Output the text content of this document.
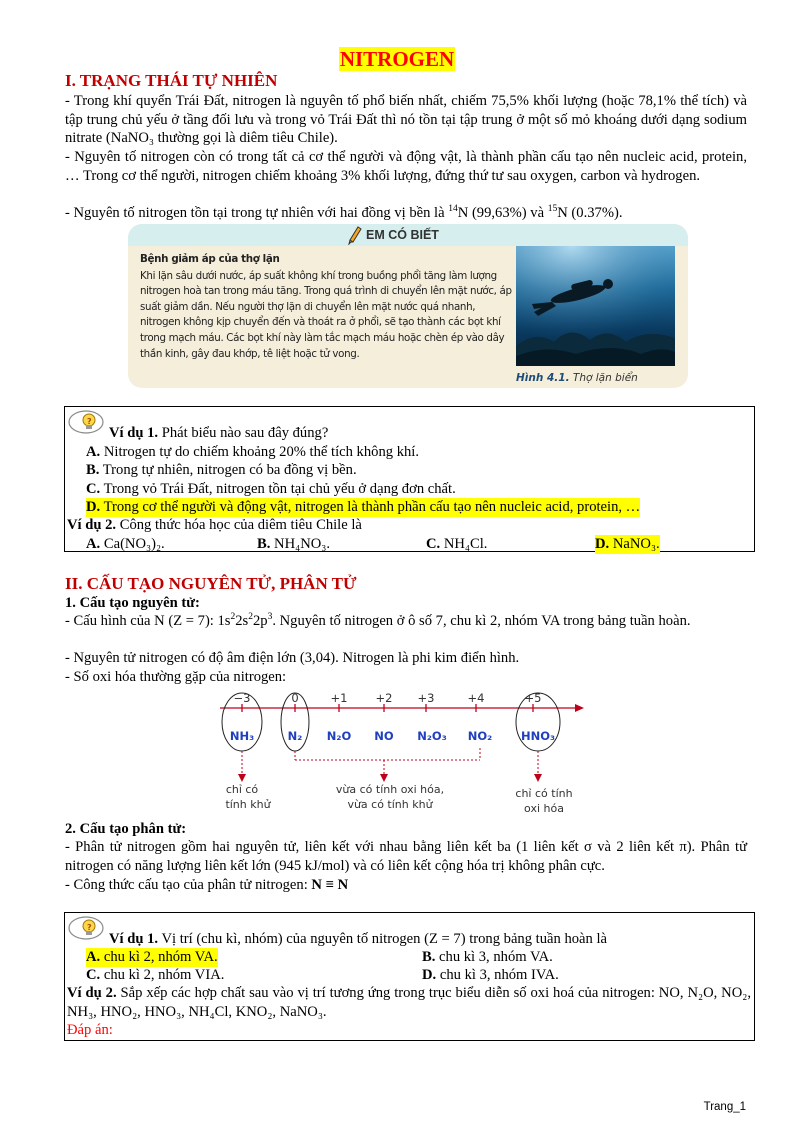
NITROGEN
I. TRẠNG THÁI TỰ NHIÊN
- Trong khí quyển Trái Đất, nitrogen là nguyên tố phổ biến nhất, chiếm 75,5% khối lượng (hoặc 78,1% thể tích) và tập trung chủ yếu ở tầng đối lưu và trong vỏ Trái Đất thì nó tồn tại tập trung ở một số mỏ khoáng dưới dạng sodium nitrate (NaNO₃ thường gọi là diêm tiêu Chile).
- Nguyên tố nitrogen còn có trong tất cả cơ thể người và động vật, là thành phần cấu tạo nên nucleic acid, protein, … Trong cơ thể người, nitrogen chiếm khoảng 3% khối lượng, đứng thứ tư sau oxygen, carbon và hydrogen.
- Nguyên tố nitrogen tồn tại trong tự nhiên với hai đồng vị bền là $^{14}$N (99,63%) và $^{15}$N (0.37%).
EM CÓ BIẾT
Bệnh giảm áp của thợ lặn
Khi lặn sâu dưới nước, áp suất không khí trong buồng phổi tăng làm lượng nitrogen hoà tan trong máu tăng. Trong quá trình di chuyển lên mặt nước, áp suất giảm dần. Nếu người thợ lặn di chuyển lên mặt nước quá nhanh, nitrogen không kịp chuyển đến và thoát ra ở phổi, sẽ tạo thành các bọt khí trong mạch máu. Các bọt khí này làm tắc mạch máu hoặc chèn ép vào dây thần kinh, gây đau khớp, tê liệt hoặc tử vong.
Hình 4.1. Thợ lặn biển
?
Ví dụ 1. Phát biểu nào sau đây đúng?
A. Nitrogen tự do chiếm khoảng 20% thể tích không khí.
B. Trong tự nhiên, nitrogen có ba đồng vị bền.
C. Trong vỏ Trái Đất, nitrogen tồn tại chủ yếu ở dạng đơn chất.
D. Trong cơ thể người và động vật, nitrogen là thành phần cấu tạo nên nucleic acid, protein, …
Ví dụ 2. Công thức hóa học của diêm tiêu Chile là
A. Ca(NO₃)₂.	B. NH₄NO₃.	C. NH₄Cl.	D. NaNO₃.
II. CẤU TẠO NGUYÊN TỬ, PHÂN TỬ
1. Cấu tạo nguyên tử:
- Cấu hình của N (Z = 7): $1s^22s^22p^3$. Nguyên tố nitrogen ở ô số 7, chu kì 2, nhóm VA trong bảng tuần hoàn.
- Nguyên tử nitrogen có độ âm điện lớn (3,04). Nitrogen là phi kim điển hình.
- Số oxi hóa thường gặp của nitrogen:
−3	0	+1 +2 +3	+4	+5
NH₃	N₂ N₂O NO N₂O₃ NO₂	HNO₃
chỉ có
tính khử
vừa có tính oxi hóa,
vừa có tính khử
chỉ có tính
oxi hóa
2. Cấu tạo phân tử:
- Phân tử nitrogen gồm hai nguyên tử, liên kết với nhau bằng liên kết ba (1 liên kết σ và 2 liên kết π). Phân tử nitrogen có năng lượng liên kết lớn (945 kJ/mol) và có liên kết cộng hóa trị không phân cực.
- Công thức cấu tạo của phân tử nitrogen: N ≡ N
?
Ví dụ 1. Vị trí (chu kì, nhóm) của nguyên tố nitrogen (Z = 7) trong bảng tuần hoàn là
A. chu kì 2, nhóm VA.	B. chu kì 3, nhóm VA.
C. chu kì 2, nhóm VIA.	D. chu kì 3, nhóm IVA.
Ví dụ 2. Sắp xếp các hợp chất sau vào vị trí tương ứng trong trục biểu diễn số oxi hoá của nitrogen: NO, N₂O, NO₂, NH₃, HNO₂, HNO₃, NH₄Cl, KNO₂, NaNO₃.
Đáp án:
Trang_1
